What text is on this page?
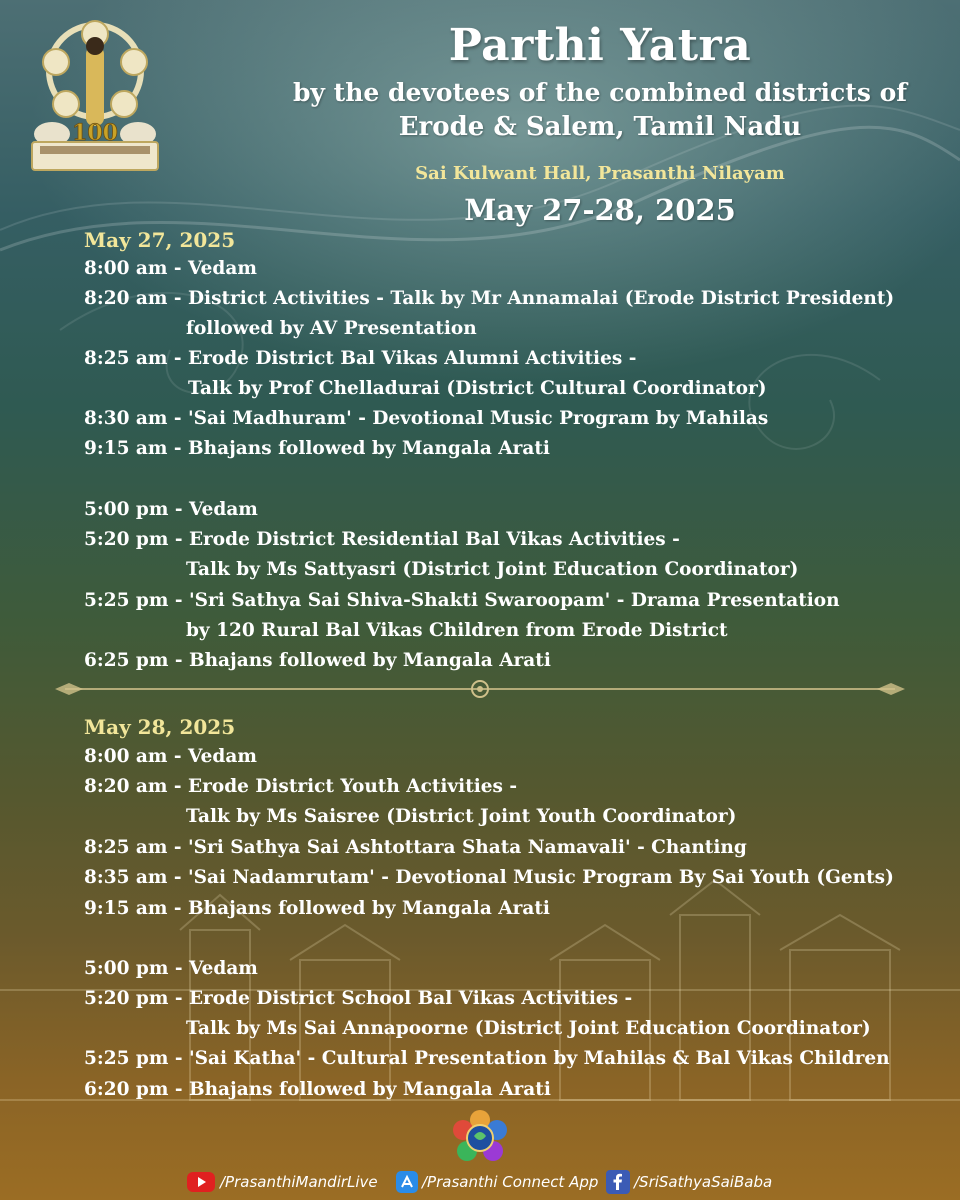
100
Parthi Yatra

by the devotees of the combined districts of

Erode & Salem, Tamil Nadu

Sai Kulwant Hall, Prasanthi Nilayam

May 27-28, 2025

May 27, 2025

8:00 am - Vedam

8:20 am - District Activities - Talk by Mr Annamalai (Erode District President)

followed by AV Presentation

8:25 am - Erode District Bal Vikas Alumni Activities -

Talk by Prof Chelladurai (District Cultural Coordinator)

8:30 am - 'Sai Madhuram' - Devotional Music Program by Mahilas

9:15 am - Bhajans followed by Mangala Arati

5:00 pm - Vedam

5:20 pm - Erode District Residential Bal Vikas Activities -

Talk by Ms Sattyasri (District Joint Education Coordinator)

5:25 pm - 'Sri Sathya Sai Shiva-Shakti Swaroopam' - Drama Presentation

by 120 Rural Bal Vikas Children from Erode District

6:25 pm - Bhajans followed by Mangala Arati

May 28, 2025

8:00 am - Vedam

8:20 am - Erode District Youth Activities -

Talk by Ms Saisree (District Joint Youth Coordinator)

8:25 am - 'Sri Sathya Sai Ashtottara Shata Namavali' - Chanting

8:35 am - 'Sai Nadamrutam' - Devotional Music Program By Sai Youth (Gents)

9:15 am - Bhajans followed by Mangala Arati

5:00 pm - Vedam

5:20 pm - Erode District School Bal Vikas Activities -

Talk by Ms Sai Annapoorne (District Joint Education Coordinator)

5:25 pm - 'Sai Katha' - Cultural Presentation by Mahilas & Bal Vikas Children

6:20 pm - Bhajans followed by Mangala Arati

/PrasanthiMandirLive	/Prasanthi Connect App /SriSathyaSaiBaba
